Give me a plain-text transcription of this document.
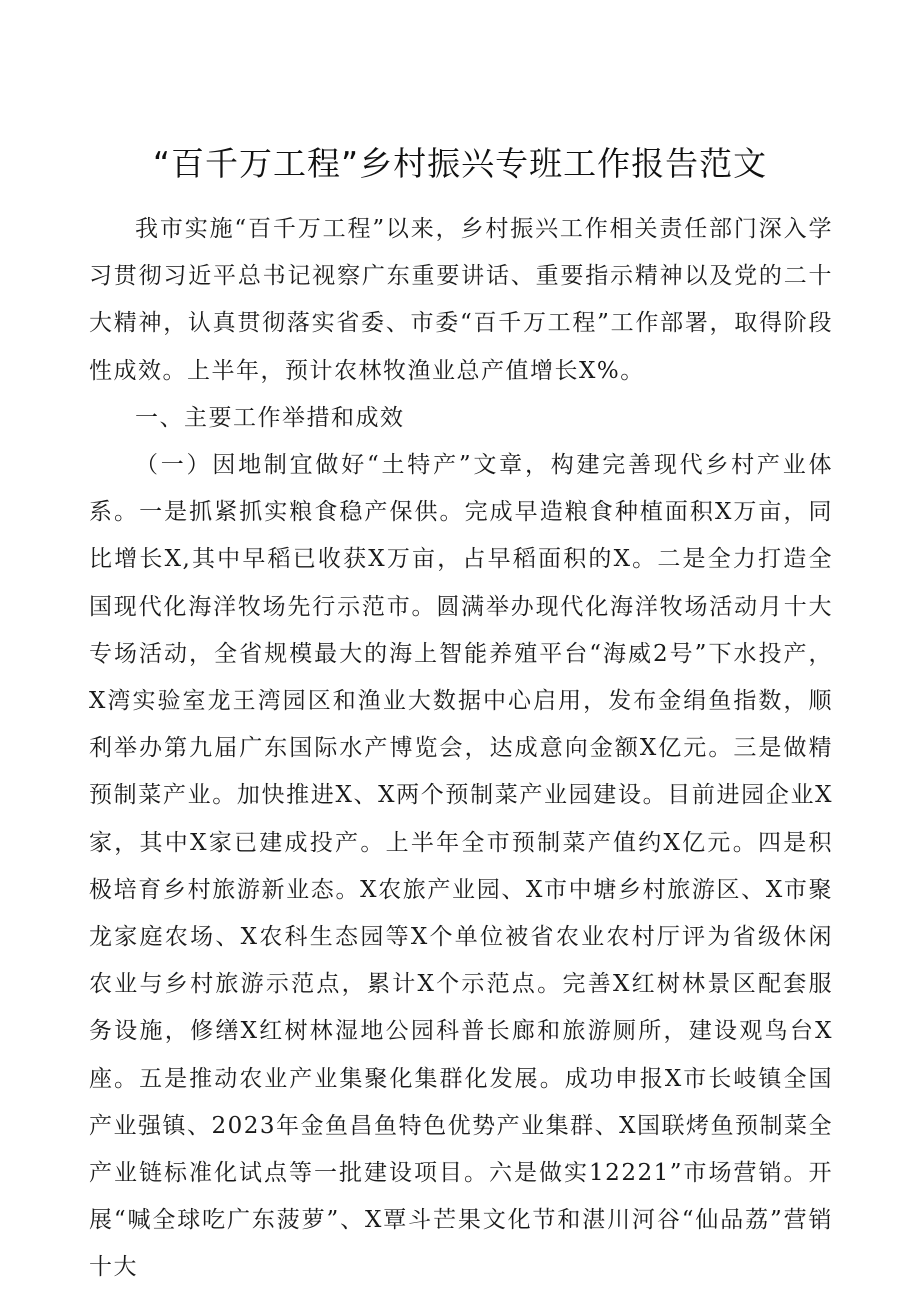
“百千万工程”乡村振兴专班工作报告范文

我市实施“百千万工程”以来，乡村振兴工作相关责任部门深入学习贯彻习近平总书记视察广东重要讲话、重要指示精神以及党的二十大精神，认真贯彻落实省委、市委“百千万工程”工作部署，取得阶段性成效。上半年，预计农林牧渔业总产值增长X%。

一、主要工作举措和成效

（一）因地制宜做好“土特产”文章，构建完善现代乡村产业体系。一是抓紧抓实粮食稳产保供。完成早造粮食种植面积X万亩，同比增长X,其中早稻已收获X万亩，占早稻面积的X。二是全力打造全国现代化海洋牧场先行示范市。圆满举办现代化海洋牧场活动月十大专场活动，全省规模最大的海上智能养殖平台“海威2号”下水投产，X湾实验室龙王湾园区和渔业大数据中心启用，发布金绢鱼指数，顺利举办第九届广东国际水产博览会，达成意向金额X亿元。三是做精预制菜产业。加快推进X、X两个预制菜产业园建设。目前进园企业X家，其中X家已建成投产。上半年全市预制菜产值约X亿元。四是积极培育乡村旅游新业态。X农旅产业园、X市中塘乡村旅游区、X市聚龙家庭农场、X农科生态园等X个单位被省农业农村厅评为省级休闲农业与乡村旅游示范点，累计X个示范点。完善X红树林景区配套服务设施，修缮X红树林湿地公园科普长廊和旅游厕所，建设观鸟台X座。五是推动农业产业集聚化集群化发展。成功申报X市长岐镇全国产业强镇、2023年金鱼昌鱼特色优势产业集群、X国联烤鱼预制菜全产业链标准化试点等一批建设项目。六是做实12221”市场营销。开展“喊全球吃广东菠萝”、X覃斗芒果文化节和湛川河谷“仙品荔”营销十大
